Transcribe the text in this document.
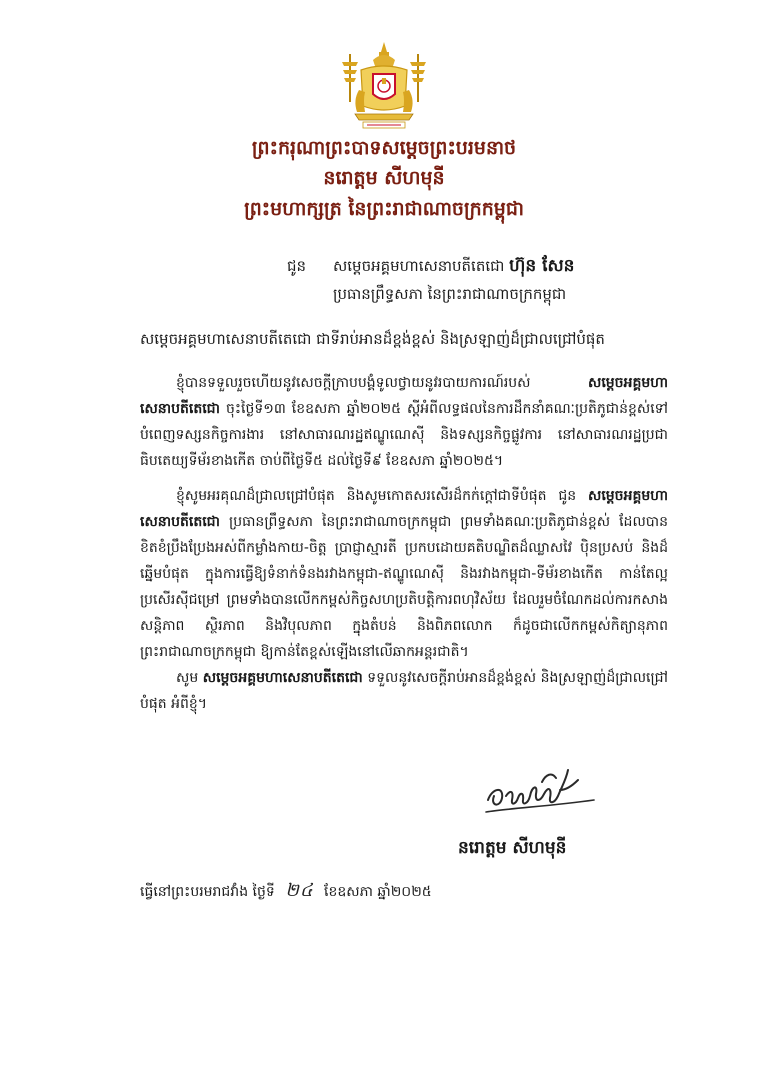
ព្រះករុណាព្រះបាទសម្តេចព្រះបរមនាថ
នរោត្តម សីហមុនី
ព្រះមហាក្សត្រ នៃព្រះរាជាណាចក្រកម្ពុជា
ជូន សម្តេចអគ្គមហាសេនាបតីតេជោ ហ៊ុន សែន
ប្រធានព្រឹទ្ធសភា នៃព្រះរាជាណាចក្រកម្ពុជា
សម្តេចអគ្គមហាសេនាបតីតេជោ ជាទីរាប់អានដ៏ខ្ពង់ខ្ពស់ និងស្រឡាញ់ដ៏ជ្រាលជ្រៅបំផុត
ខ្ញុំបានទទួលរួចហើយនូវសេចក្តីក្រាបបង្គំទូលថ្វាយនូវរបាយការណ៍របស់ សម្តេចអគ្គមហាសេនាបតីតេជោ ចុះថ្ងៃទី១៣ ខែឧសភា ឆ្នាំ២០២៥ ស្តីអំពីលទ្ធផលនៃការដឹកនាំគណៈប្រតិភូជាន់ខ្ពស់ទៅបំពេញទស្សនកិច្ចការងារ នៅសាធារណរដ្ឋឥណ្ឌូណេស៊ី និងទស្សនកិច្ចផ្លូវការ នៅសាធារណរដ្ឋប្រជាធិបតេយ្យទីម័រខាងកើត ចាប់ពីថ្ងៃទី៥ ដល់ថ្ងៃទី៩ ខែឧសភា ឆ្នាំ២០២៥។
ខ្ញុំសូមអរគុណដ៏ជ្រាលជ្រៅបំផុត និងសូមកោតសរសើរដ៏កក់ក្តៅជាទីបំផុត ជូន សម្តេចអគ្គមហាសេនាបតីតេជោ ប្រធានព្រឹទ្ធសភា នៃព្រះរាជាណាចក្រកម្ពុជា ព្រមទាំងគណៈប្រតិភូជាន់ខ្ពស់ ដែលបានខិតខំប្រឹងប្រែងអស់ពីកម្លាំងកាយ-ចិត្ត ប្រាជ្ញាស្មារតី ប្រកបដោយគតិបណ្ឌិតដ៏ឈ្លាសវៃ ប៉ិនប្រសប់ និងដ៏ឆ្នើមបំផុត ក្នុងការធ្វើឱ្យទំនាក់ទំនងរវាងកម្ពុជា-ឥណ្ឌូណេស៊ី និងរវាងកម្ពុជា-ទីម័រខាងកើត កាន់តែល្អប្រសើរស៊ីជម្រៅ ព្រមទាំងបានលើកកម្ពស់កិច្ចសហប្រតិបត្តិការពហុវិស័យ ដែលរួមចំណែកដល់ការកសាងសន្តិភាព ស្ថិរភាព និងវិបុលភាព ក្នុងតំបន់ និងពិភពលោក ក៏ដូចជាលើកកម្ពស់កិត្យានុភាពព្រះរាជាណាចក្រកម្ពុជា ឱ្យកាន់តែខ្ពស់ឡើងនៅលើឆាកអន្តរជាតិ។
សូម សម្តេចអគ្គមហាសេនាបតីតេជោ ទទួលនូវសេចក្តីរាប់អានដ៏ខ្ពង់ខ្ពស់ និងស្រឡាញ់ដ៏ជ្រាលជ្រៅបំផុត អំពីខ្ញុំ។
នរោត្តម សីហមុនី
ធ្វើនៅព្រះបរមរាជវាំង ថ្ងៃទី ២៤ ខែឧសភា ឆ្នាំ២០២៥
